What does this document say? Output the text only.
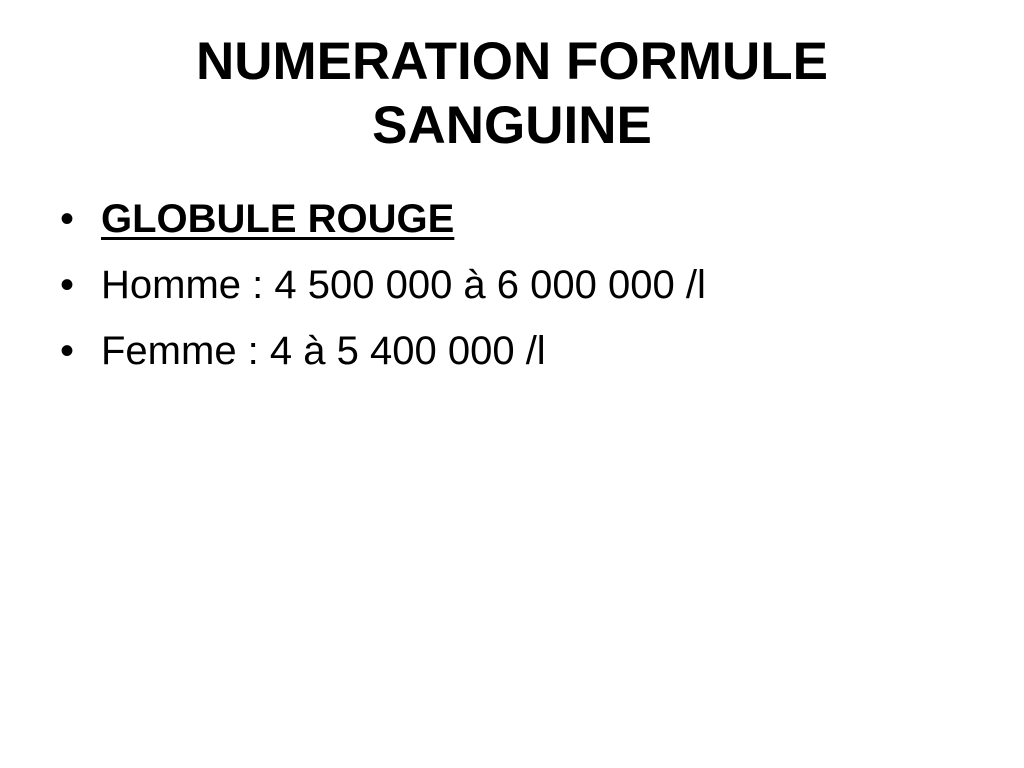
NUMERATION FORMULE
SANGUINE
• GLOBULE ROUGE
• Homme : 4 500 000 à 6 000 000 /l
• Femme : 4 à 5 400 000 /l
